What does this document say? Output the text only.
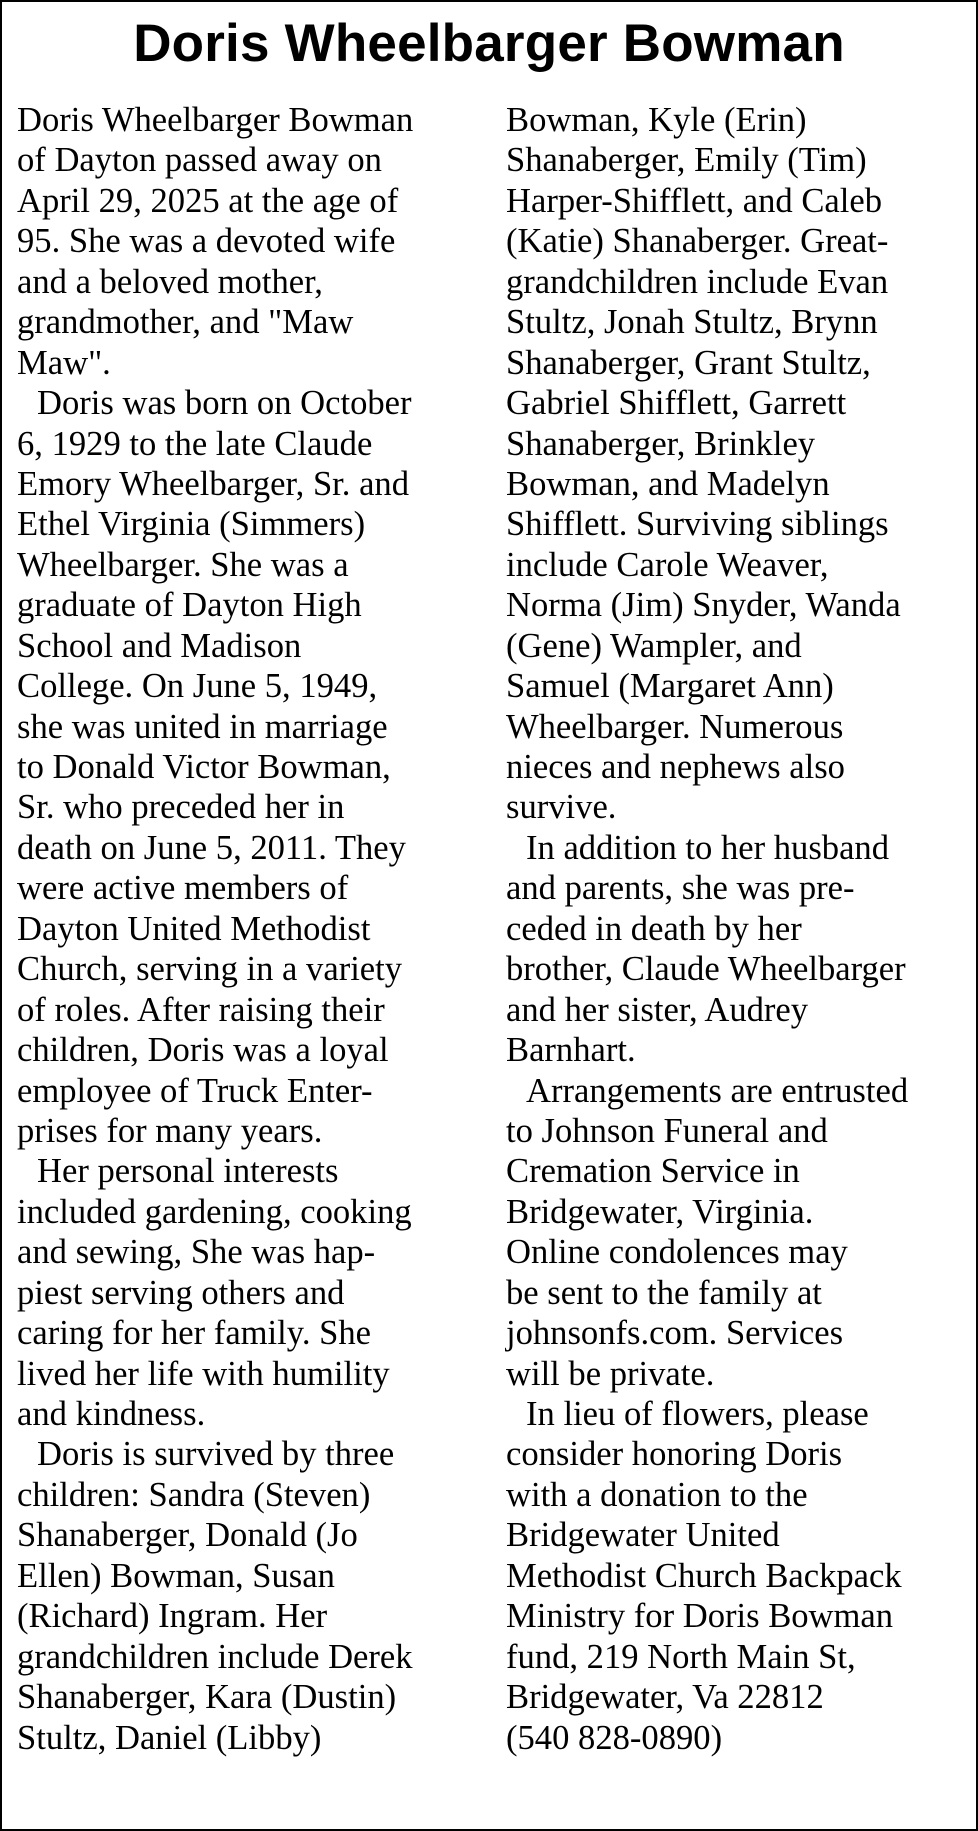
Doris Wheelbarger Bowman
Doris Wheelbarger Bowman
of Dayton passed away on
April 29, 2025 at the age of
95. She was a devoted wife
and a beloved mother,
grandmother, and "Maw
Maw".
Doris was born on October
6, 1929 to the late Claude
Emory Wheelbarger, Sr. and
Ethel Virginia (Simmers)
Wheelbarger. She was a
graduate of Dayton High
School and Madison
College. On June 5, 1949,
she was united in marriage
to Donald Victor Bowman,
Sr. who preceded her in
death on June 5, 2011. They
were active members of
Dayton United Methodist
Church, serving in a variety
of roles. After raising their
children, Doris was a loyal
employee of Truck Enter-
prises for many years.
Her personal interests
included gardening, cooking
and sewing, She was hap-
piest serving others and
caring for her family. She
lived her life with humility
and kindness.
Doris is survived by three
children: Sandra (Steven)
Shanaberger, Donald (Jo
Ellen) Bowman, Susan
(Richard) Ingram. Her
grandchildren include Derek
Shanaberger, Kara (Dustin)
Stultz, Daniel (Libby)
Bowman, Kyle (Erin)
Shanaberger, Emily (Tim)
Harper-Shifflett, and Caleb
(Katie) Shanaberger. Great-
grandchildren include Evan
Stultz, Jonah Stultz, Brynn
Shanaberger, Grant Stultz,
Gabriel Shifflett, Garrett
Shanaberger, Brinkley
Bowman, and Madelyn
Shifflett. Surviving siblings
include Carole Weaver,
Norma (Jim) Snyder, Wanda
(Gene) Wampler, and
Samuel (Margaret Ann)
Wheelbarger. Numerous
nieces and nephews also
survive.
In addition to her husband
and parents, she was pre-
ceded in death by her
brother, Claude Wheelbarger
and her sister, Audrey
Barnhart.
Arrangements are entrusted
to Johnson Funeral and
Cremation Service in
Bridgewater, Virginia.
Online condolences may
be sent to the family at
johnsonfs.com. Services
will be private.
In lieu of flowers, please
consider honoring Doris
with a donation to the
Bridgewater United
Methodist Church Backpack
Ministry for Doris Bowman
fund, 219 North Main St,
Bridgewater, Va 22812
(540 828-0890)
